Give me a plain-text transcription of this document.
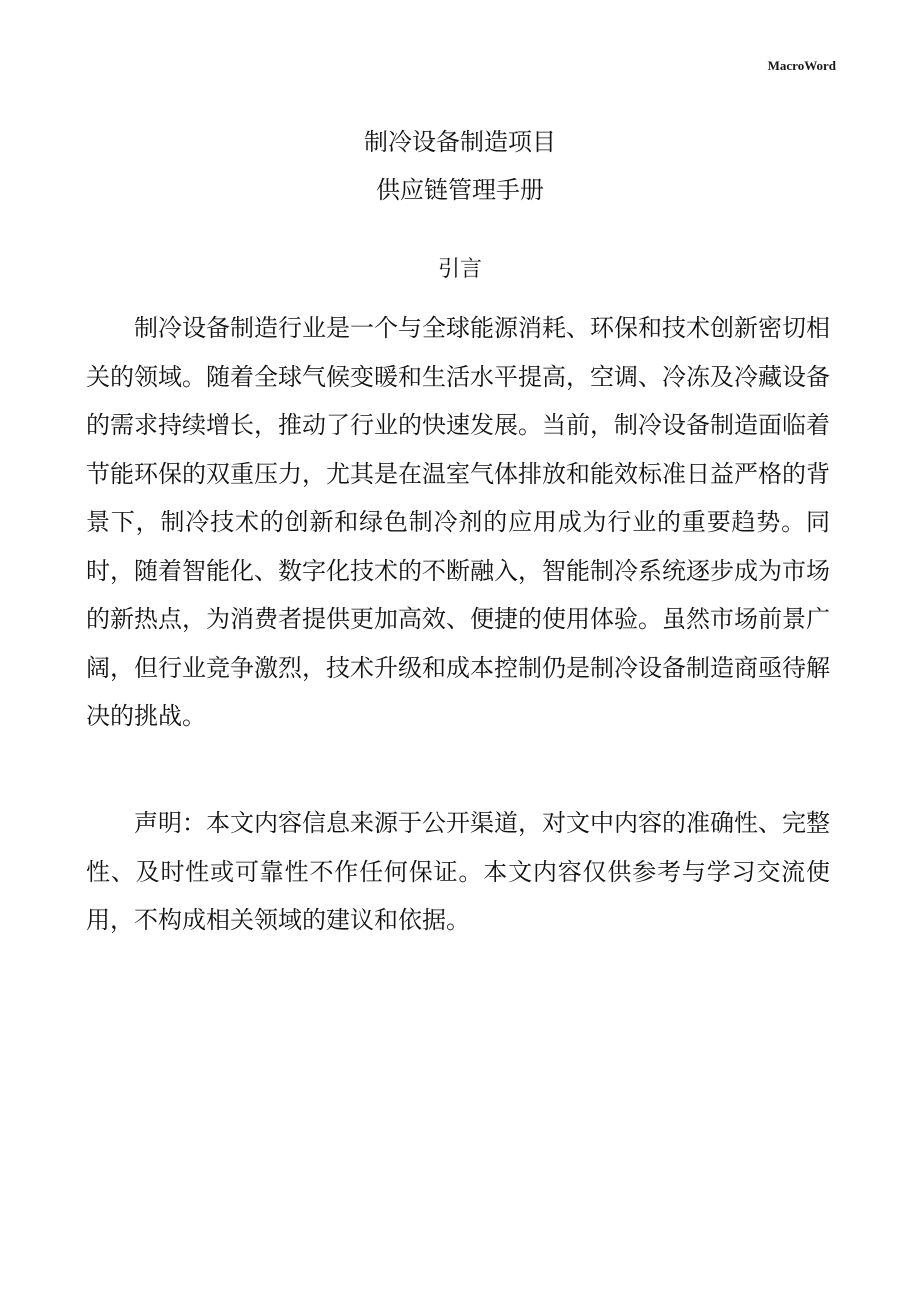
MacroWord
制冷设备制造项目
供应链管理手册
引言

制冷设备制造行业是一个与全球能源消耗、环保和技术创新密切相关的领域。随着全球气候变暖和生活水平提高，空调、冷冻及冷藏设备的需求持续增长，推动了行业的快速发展。当前，制冷设备制造面临着节能环保的双重压力，尤其是在温室气体排放和能效标准日益严格的背景下，制冷技术的创新和绿色制冷剂的应用成为行业的重要趋势。同时，随着智能化、数字化技术的不断融入，智能制冷系统逐步成为市场的新热点，为消费者提供更加高效、便捷的使用体验。虽然市场前景广阔，但行业竞争激烈，技术升级和成本控制仍是制冷设备制造商亟待解决的挑战。

声明：本文内容信息来源于公开渠道，对文中内容的准确性、完整性、及时性或可靠性不作任何保证。本文内容仅供参考与学习交流使用，不构成相关领域的建议和依据。
